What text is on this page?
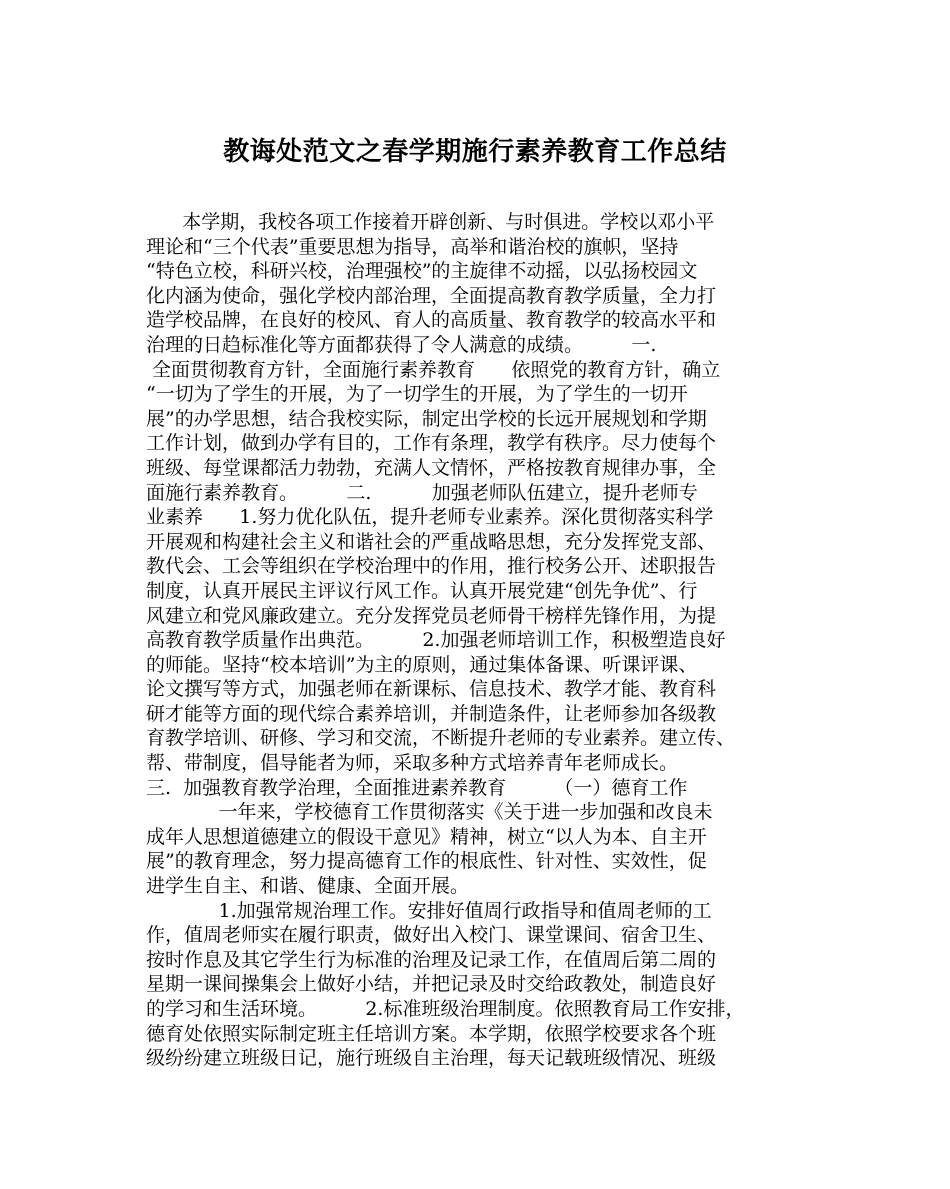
教诲处范文之春学期施行素养教育工作总结
本学期，我校各项工作接着开辟创新、与时俱进。学校以邓小平
理论和“三个代表”重要思想为指导，高举和谐治校的旗帜，坚持
“特色立校，科研兴校，治理强校”的主旋律不动摇，以弘扬校园文
化内涵为使命，强化学校内部治理，全面提高教育教学质量，全力打
造学校品牌，在良好的校风、育人的高质量、教育教学的较高水平和
治理的日趋标准化等方面都获得了令人满意的成绩。        一.
全面贯彻教育方针，全面施行素养教育      依照党的教育方针，确立
“一切为了学生的开展，为了一切学生的开展，为了学生的一切开
展”的办学思想，结合我校实际，制定出学校的长远开展规划和学期
工作计划，做到办学有目的，工作有条理，教学有秩序。尽力使每个
班级、每堂课都活力勃勃，充满人文情怀，严格按教育规律办事，全
面施行素养教育。        二.          加强老师队伍建立，提升老师专
业素养      1.努力优化队伍，提升老师专业素养。深化贯彻落实科学
开展观和构建社会主义和谐社会的严重战略思想，充分发挥党支部、
教代会、工会等组织在学校治理中的作用，推行校务公开、述职报告
制度，认真开展民主评议行风工作。认真开展党建“创先争优”、行
风建立和党风廉政建立。充分发挥党员老师骨干榜样先锋作用，为提
高教育教学质量作出典范。        2.加强老师培训工作，积极塑造良好
的师能。坚持“校本培训”为主的原则，通过集体备课、听课评课、
论文撰写等方式，加强老师在新课标、信息技术、教学才能、教育科
研才能等方面的现代综合素养培训，并制造条件，让老师参加各级教
育教学培训、研修、学习和交流，不断提升老师的专业素养。建立传、
帮、带制度，倡导能者为师，采取多种方式培养青年老师成长。
三.  加强教育教学治理，全面推进素养教育        （一）德育工作
一年来，学校德育工作贯彻落实《关于进一步加强和改良未
成年人思想道德建立的假设干意见》精神，树立“以人为本、自主开
展”的教育理念，努力提高德育工作的根底性、针对性、实效性，促
进学生自主、和谐、健康、全面开展。
1.加强常规治理工作。安排好值周行政指导和值周老师的工
作，值周老师实在履行职责，做好出入校门、课堂课间、宿舍卫生、
按时作息及其它学生行为标准的治理及记录工作，在值周后第二周的
星期一课间操集会上做好小结，并把记录及时交给政教处，制造良好
的学习和生活环境。        2.标准班级治理制度。依照教育局工作安排，
德育处依照实际制定班主任培训方案。本学期，依照学校要求各个班
级纷纷建立班级日记，施行班级自主治理，每天记载班级情况、班级
